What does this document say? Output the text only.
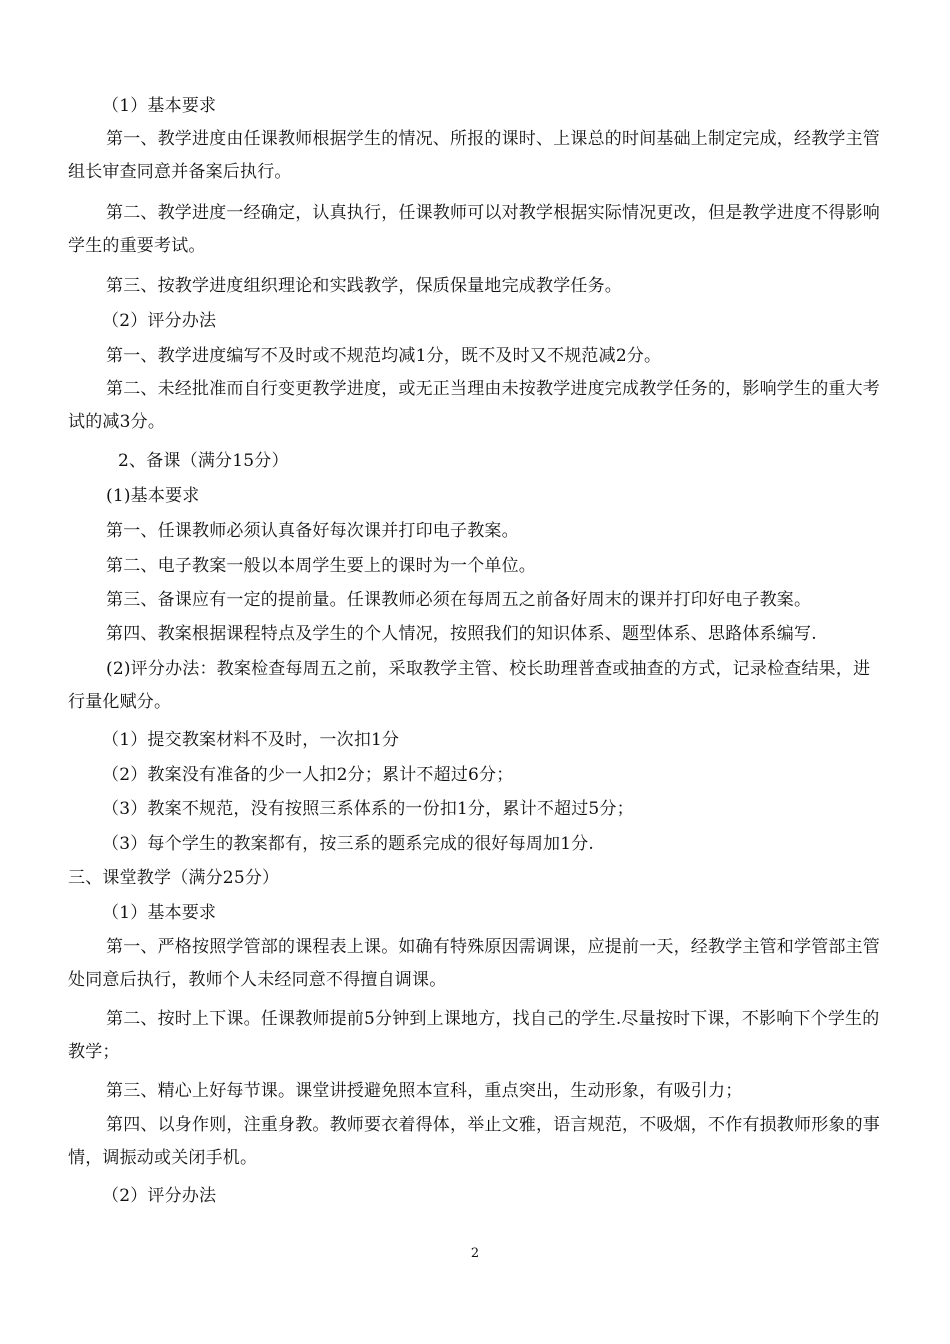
（1）基本要求
第一、教学进度由任课教师根据学生的情况、所报的课时、上课总的时间基础上制定完成，经教学主管组长审查同意并备案后执行。
第二、教学进度一经确定，认真执行，任课教师可以对教学根据实际情况更改，但是教学进度不得影响学生的重要考试。
第三、按教学进度组织理论和实践教学，保质保量地完成教学任务。
（2）评分办法
第一、教学进度编写不及时或不规范均减1分，既不及时又不规范减2分。
第二、未经批准而自行变更教学进度，或无正当理由未按教学进度完成教学任务的，影响学生的重大考试的减3分。
2、备课（满分15分）
(1)基本要求
第一、任课教师必须认真备好每次课并打印电子教案。
第二、电子教案一般以本周学生要上的课时为一个单位。
第三、备课应有一定的提前量。任课教师必须在每周五之前备好周末的课并打印好电子教案。
第四、教案根据课程特点及学生的个人情况，按照我们的知识体系、题型体系、思路体系编写.
(2)评分办法：教案检查每周五之前，采取教学主管、校长助理普查或抽查的方式，记录检查结果，进行量化赋分。
（1）提交教案材料不及时，一次扣1分
（2）教案没有准备的少一人扣2分；累计不超过6分；
（3）教案不规范，没有按照三系体系的一份扣1分，累计不超过5分；
（3）每个学生的教案都有，按三系的题系完成的很好每周加1分.
三、课堂教学（满分25分）
（1）基本要求
第一、严格按照学管部的课程表上课。如确有特殊原因需调课，应提前一天，经教学主管和学管部主管处同意后执行，教师个人未经同意不得擅自调课。
第二、按时上下课。任课教师提前5分钟到上课地方，找自己的学生.尽量按时下课，不影响下个学生的教学；
第三、精心上好每节课。课堂讲授避免照本宣科，重点突出，生动形象，有吸引力；
第四、以身作则，注重身教。教师要衣着得体，举止文雅，语言规范，不吸烟，不作有损教师形象的事情，调振动或关闭手机。
（2）评分办法
2
